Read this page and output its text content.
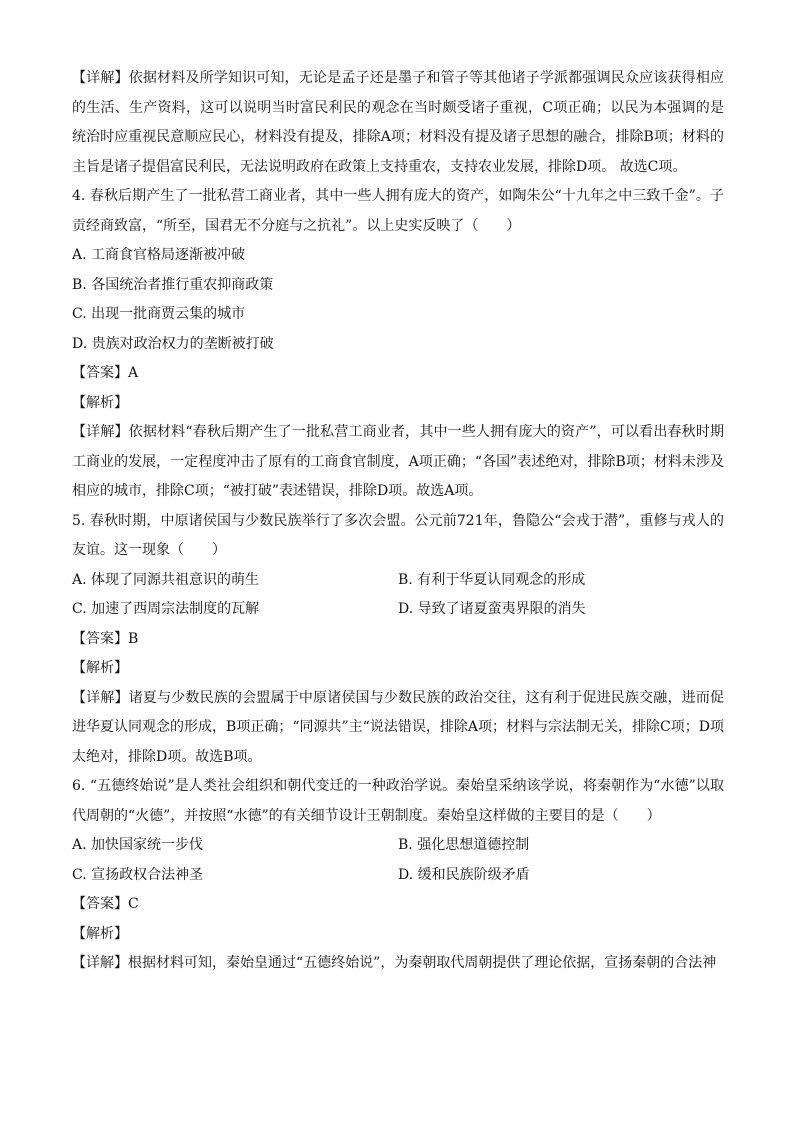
【详解】依据材料及所学知识可知，无论是孟子还是墨子和管子等其他诸子学派都强调民众应该获得相应的生活、生产资料，这可以说明当时富民利民的观念在当时颇受诸子重视，C项正确；以民为本强调的是统治时应重视民意顺应民心，材料没有提及，排除A项；材料没有提及诸子思想的融合，排除B项；材料的主旨是诸子提倡富民利民，无法说明政府在政策上支持重农，支持农业发展，排除D项。 故选C项。

4. 春秋后期产生了一批私营工商业者，其中一些人拥有庞大的资产，如陶朱公“十九年之中三致千金”。子贡经商致富，“所至，国君无不分庭与之抗礼”。以上史实反映了（　　）

A. 工商食官格局逐渐被冲破

B. 各国统治者推行重农抑商政策

C. 出现一批商贾云集的城市

D. 贵族对政治权力的垄断被打破

【答案】A

【解析】

【详解】依据材料“春秋后期产生了一批私营工商业者，其中一些人拥有庞大的资产”，可以看出春秋时期工商业的发展，一定程度冲击了原有的工商食官制度，A项正确；“各国”表述绝对，排除B项；材料未涉及相应的城市，排除C项；“被打破”表述错误，排除D项。故选A项。

5. 春秋时期，中原诸侯国与少数民族举行了多次会盟。公元前721年，鲁隐公“会戎于潜”，重修与戎人的友谊。这一现象（　　）

A. 体现了同源共祖意识的萌生	B. 有利于华夏认同观念的形成
C. 加速了西周宗法制度的瓦解	D. 导致了诸夏蛮夷界限的消失

【答案】B

【解析】

【详解】诸夏与少数民族的会盟属于中原诸侯国与少数民族的政治交往，这有利于促进民族交融，进而促进华夏认同观念的形成，B项正确；“同源共”主“说法错误，排除A项；材料与宗法制无关，排除C项；D项太绝对，排除D项。故选B项。

6. “五德终始说”是人类社会组织和朝代变迁的一种政治学说。秦始皇采纳该学说，将秦朝作为“水德”以取代周朝的“火德”，并按照“水德”的有关细节设计王朝制度。秦始皇这样做的主要目的是（　　）

A. 加快国家统一步伐	B. 强化思想道德控制
C. 宣扬政权合法神圣	D. 缓和民族阶级矛盾

【答案】C

【解析】

【详解】根据材料可知，秦始皇通过“五德终始说”，为秦朝取代周朝提供了理论依据，宣扬秦朝的合法神
